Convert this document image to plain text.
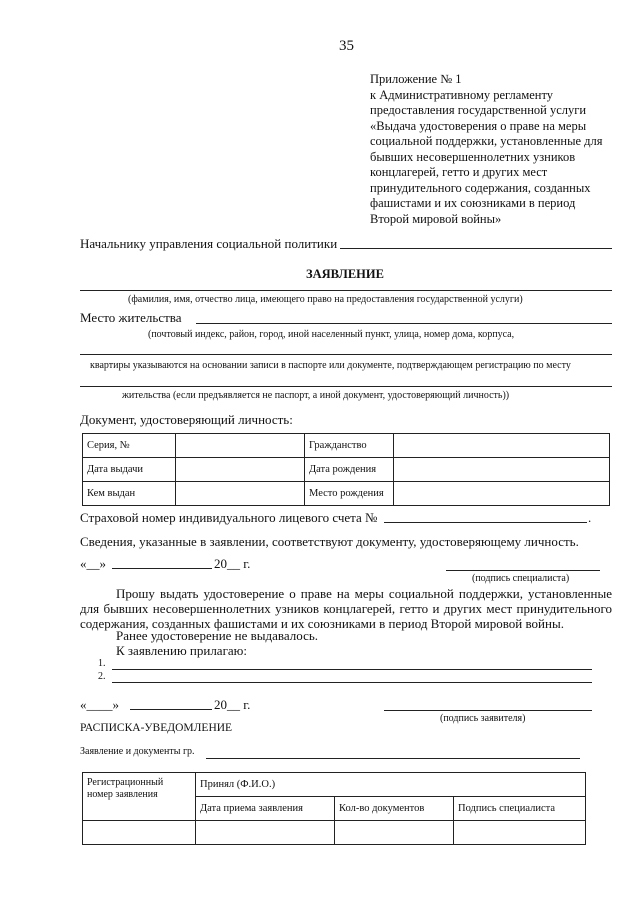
35
Приложение № 1
к Административному регламенту
предоставления государственной услуги
«Выдача удостоверения о праве на меры
социальной поддержки, установленные для
бывших несовершеннолетних узников
концлагерей, гетто и других мест
принудительного содержания, созданных
фашистами и их союзниками в период
Второй мировой войны»
Начальнику управления социальной политики
ЗАЯВЛЕНИЕ
(фамилия, имя, отчество лица, имеющего право на предоставления государственной услуги)
Место жительства
(почтовый индекс, район, город, иной населенный пункт, улица, номер дома, корпуса,
квартиры указываются на основании записи в паспорте или документе, подтверждающем регистрацию по месту
жительства (если предъявляется не паспорт, а иной документ, удостоверяющий личность))
Документ, удостоверяющий личность:
Серия, №		Гражданство	
Дата выдачи		Дата рождения	
Кем выдан		Место рождения	
Страховой номер индивидуального лицевого счета №	.
Сведения, указанные в заявлении, соответствуют документу, удостоверяющему личность.
«__»	20__ г.
(подпись специалиста)
Прошу выдать удостоверение о праве на меры социальной поддержки, установленные для бывших несовершеннолетних узников концлагерей, гетто и других мест принудительного содержания, созданных фашистами и их союзниками в период Второй мировой войны.
Ранее удостоверение не выдавалось.
К заявлению прилагаю:
1.
2.
«____»	20__ г.
(подпись заявителя)
РАСПИСКА-УВЕДОМЛЕНИЕ
Заявление и документы гр.
Регистрационный номер заявления	Принял (Ф.И.О.)		
	Дата приема заявления	Кол-во документов	Подпись специалиста
